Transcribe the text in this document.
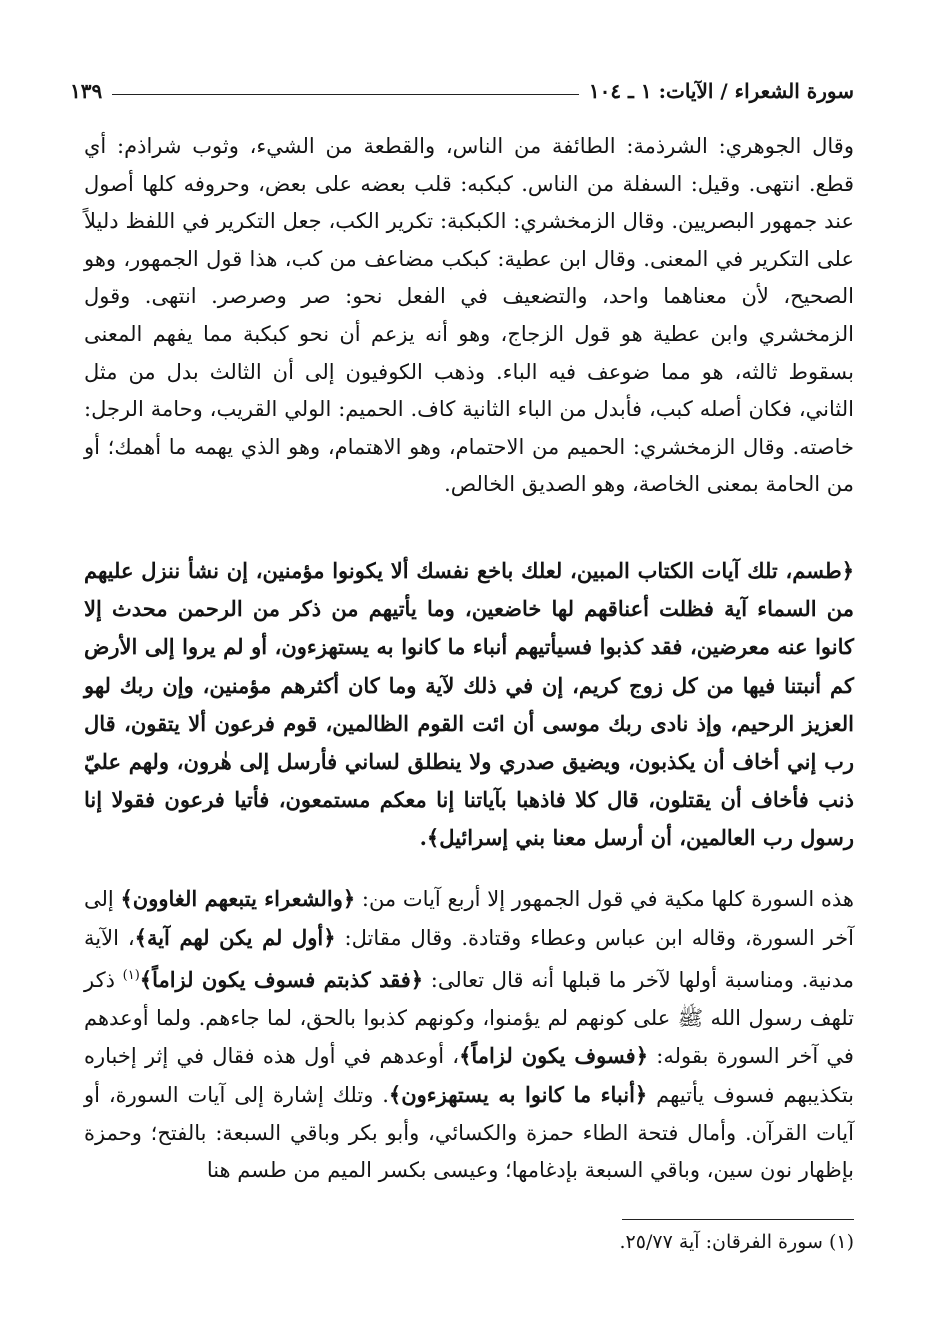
سورة الشعراء / الآيات: ١ ـ ١٠٤
١٣٩

وقال الجوهري: الشرذمة: الطائفة من الناس، والقطعة من الشيء، وثوب شراذم: أي قطع. انتهى. وقيل: السفلة من الناس. كبكبه: قلب بعضه على بعض، وحروفه كلها أصول عند جمهور البصريين. وقال الزمخشري: الكبكبة: تكرير الكب، جعل التكرير في اللفظ دليلاً على التكرير في المعنى. وقال ابن عطية: كبكب مضاعف من كب، هذا قول الجمهور، وهو الصحيح، لأن معناهما واحد، والتضعيف في الفعل نحو: صر وصرصر. انتهى. وقول الزمخشري وابن عطية هو قول الزجاج، وهو أنه يزعم أن نحو كبكبة مما يفهم المعنى بسقوط ثالثه، هو مما ضوعف فيه الباء. وذهب الكوفيون إلى أن الثالث بدل من مثل الثاني، فكان أصله كبب، فأبدل من الباء الثانية كاف. الحميم: الولي القريب، وحامة الرجل: خاصته. وقال الزمخشري: الحميم من الاحتمام، وهو الاهتمام، وهو الذي يهمه ما أهمك؛ أو من الحامة بمعنى الخاصة، وهو الصديق الخالص.

﴿طسم، تلك آيات الكتاب المبين، لعلك باخع نفسك ألا يكونوا مؤمنين، إن نشأ ننزل عليهم من السماء آية فظلت أعناقهم لها خاضعين، وما يأتيهم من ذكر من الرحمن محدث إلا كانوا عنه معرضين، فقد كذبوا فسيأتيهم أنباء ما كانوا به يستهزءون، أو لم يروا إلى الأرض كم أنبتنا فيها من كل زوج كريم، إن في ذلك لآية وما كان أكثرهم مؤمنين، وإن ربك لهو العزيز الرحيم، وإذ نادى ربك موسى أن ائت القوم الظالمين، قوم فرعون ألا يتقون، قال رب إني أخاف أن يكذبون، ويضيق صدري ولا ينطلق لساني فأرسل إلى هٰرون، ولهم عليّ ذنب فأخاف أن يقتلون، قال كلا فاذهبا بآياتنا إنا معكم مستمعون، فأتيا فرعون فقولا إنا رسول رب العالمين، أن أرسل معنا بني إسرائيل﴾.

هذه السورة كلها مكية في قول الجمهور إلا أربع آيات من: ﴿والشعراء يتبعهم الغاوون﴾ إلى آخر السورة، وقاله ابن عباس وعطاء وقتادة. وقال مقاتل: ﴿أول لم يكن لهم آية﴾، الآية مدنية. ومناسبة أولها لآخر ما قبلها أنه قال تعالى: ﴿فقد كذبتم فسوف يكون لزاماً﴾$^{(١)}$ ذكر تلهف رسول الله ﷺ على كونهم لم يؤمنوا، وكونهم كذبوا بالحق، لما جاءهم. ولما أوعدهم في آخر السورة بقوله: ﴿فسوف يكون لزاماً﴾، أوعدهم في أول هذه فقال في إثر إخباره بتكذيبهم فسوف يأتيهم ﴿أنباء ما كانوا به يستهزءون﴾. وتلك إشارة إلى آيات السورة، أو آيات القرآن. وأمال فتحة الطاء حمزة والكسائي، وأبو بكر وباقي السبعة: بالفتح؛ وحمزة بإظهار نون سين، وباقي السبعة بإدغامها؛ وعيسى بكسر الميم من طسم هنا

(١) سورة الفرقان: آية ٢٥/٧٧.
